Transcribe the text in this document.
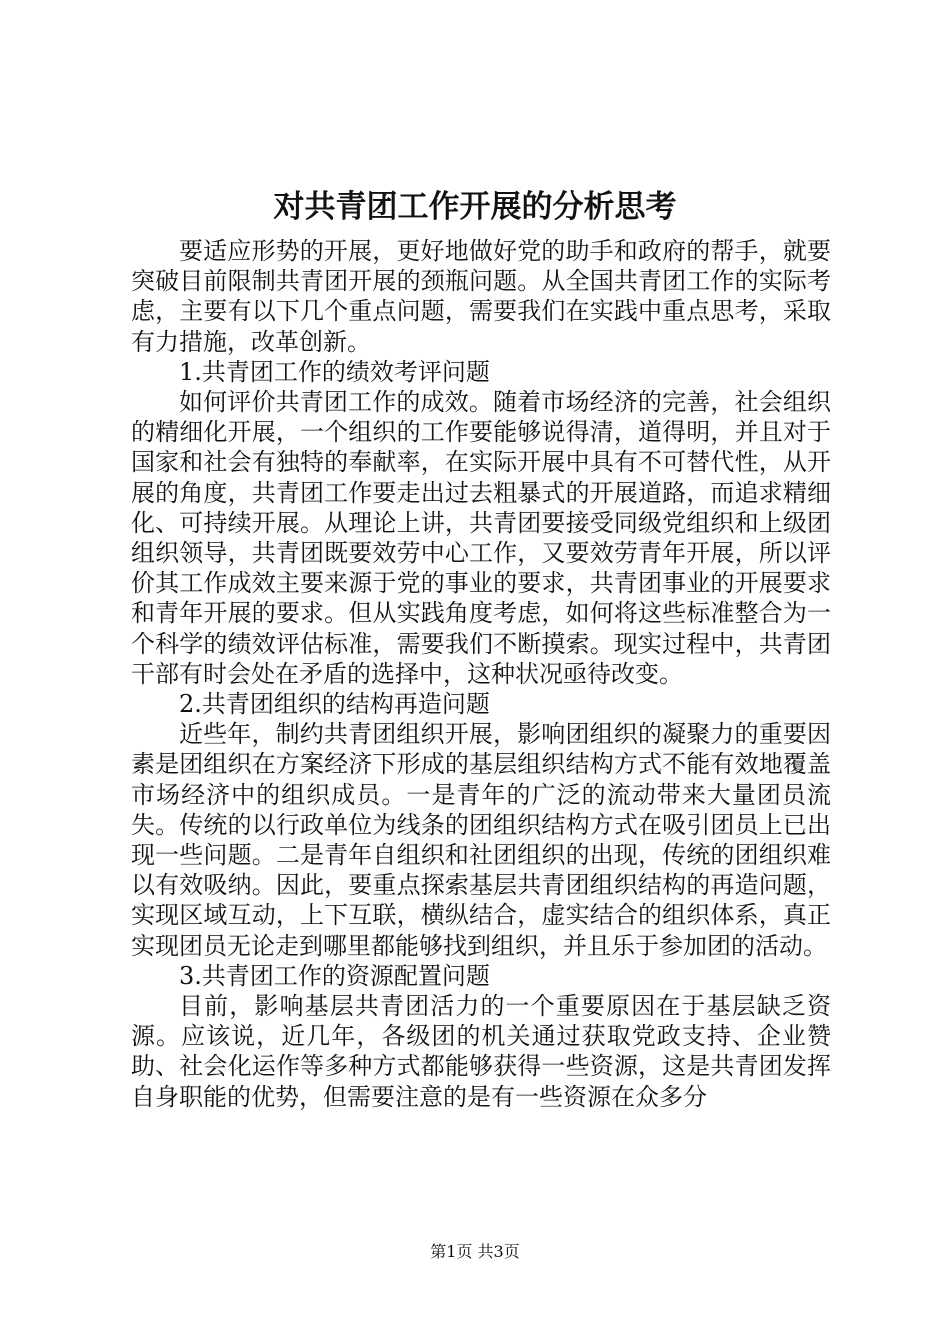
对共青团工作开展的分析思考

要适应形势的开展，更好地做好党的助手和政府的帮手，就要突破目前限制共青团开展的颈瓶问题。从全国共青团工作的实际考虑，主要有以下几个重点问题，需要我们在实践中重点思考，采取有力措施，改革创新。

1.共青团工作的绩效考评问题

如何评价共青团工作的成效。随着市场经济的完善，社会组织的精细化开展，一个组织的工作要能够说得清，道得明，并且对于国家和社会有独特的奉献率，在实际开展中具有不可替代性，从开展的角度，共青团工作要走出过去粗暴式的开展道路，而追求精细化、可持续开展。从理论上讲，共青团要接受同级党组织和上级团组织领导，共青团既要效劳中心工作，又要效劳青年开展，所以评价其工作成效主要来源于党的事业的要求，共青团事业的开展要求和青年开展的要求。但从实践角度考虑，如何将这些标准整合为一个科学的绩效评估标准，需要我们不断摸索。现实过程中，共青团干部有时会处在矛盾的选择中，这种状况亟待改变。

2.共青团组织的结构再造问题

近些年，制约共青团组织开展，影响团组织的凝聚力的重要因素是团组织在方案经济下形成的基层组织结构方式不能有效地覆盖市场经济中的组织成员。一是青年的广泛的流动带来大量团员流失。传统的以行政单位为线条的团组织结构方式在吸引团员上已出现一些问题。二是青年自组织和社团组织的出现，传统的团组织难以有效吸纳。因此，要重点探索基层共青团组织结构的再造问题，实现区域互动，上下互联，横纵结合，虚实结合的组织体系，真正实现团员无论走到哪里都能够找到组织，并且乐于参加团的活动。

3.共青团工作的资源配置问题

目前，影响基层共青团活力的一个重要原因在于基层缺乏资源。应该说，近几年，各级团的机关通过获取党政支持、企业赞助、社会化运作等多种方式都能够获得一些资源，这是共青团发挥自身职能的优势，但需要注意的是有一些资源在众多分

第1页 共3页
